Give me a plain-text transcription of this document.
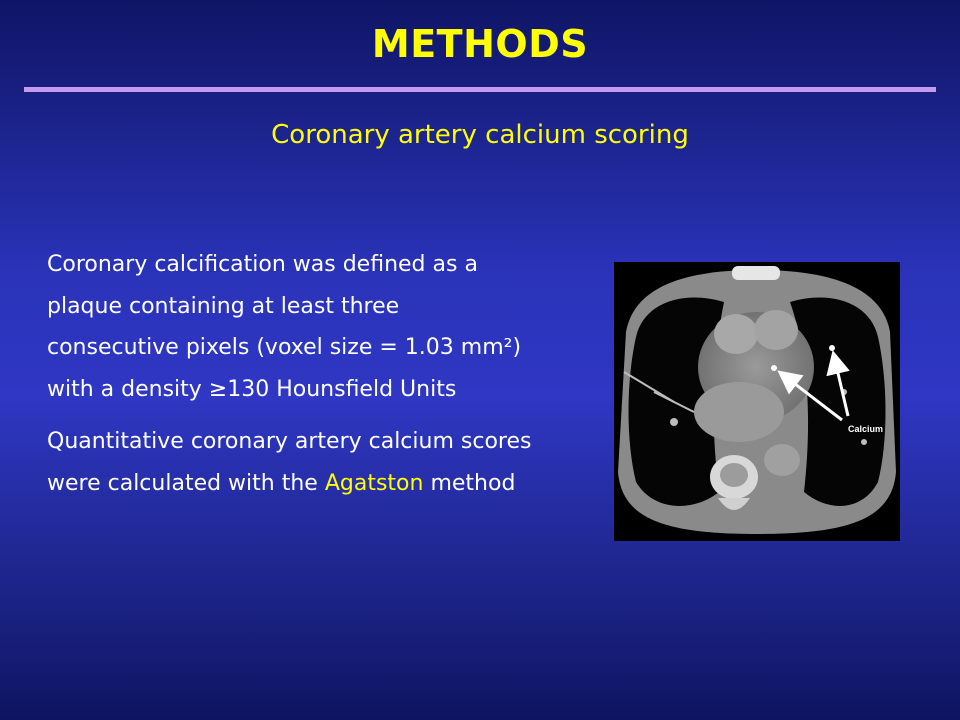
METHODS
Coronary artery calcium scoring

Coronary calcification was defined as a
plaque containing at least three
consecutive pixels (voxel size = 1.03 mm²)
with a density ≥130 Hounsfield Units

Quantitative coronary artery calcium scores
were calculated with the Agatston method

Calcium
